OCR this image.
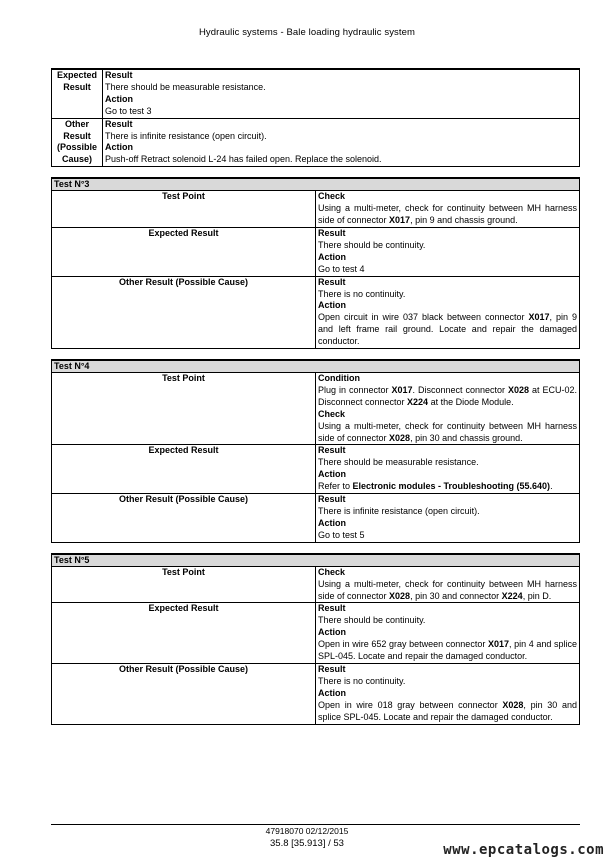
Hydraulic systems - Bale loading hydraulic system
Expected Result	Result
There should be measurable resistance.
Action
Go to test 3

Other Result (Possible Cause)	Result
There is infinite resistance (open circuit).
Action
Push-off Retract solenoid L-24 has failed open. Replace the solenoid.
Test N°3	
Test Point	Check
Using a multi-meter, check for continuity between MH harness side of connector X017, pin 9 and chassis ground.

Expected Result	Result
There should be continuity.
Action
Go to test 4

Other Result (Possible Cause)	Result
There is no continuity.
Action
Open circuit in wire 037 black between connector X017, pin 9 and left frame rail ground. Locate and repair the damaged conductor.
Test N°4	
Test Point	Condition
Plug in connector X017. Disconnect connector X028 at ECU-02. Disconnect connector X224 at the Diode Module.
Check
Using a multi-meter, check for continuity between MH harness side of connector X028, pin 30 and chassis ground.

Expected Result	Result
There should be measurable resistance.
Action
Refer to Electronic modules - Troubleshooting (55.640).

Other Result (Possible Cause)	Result
There is infinite resistance (open circuit).
Action
Go to test 5
Test N°5	
Test Point	Check
Using a multi-meter, check for continuity between MH harness side of connector X028, pin 30 and connector X224, pin D.

Expected Result	Result
There should be continuity.
Action
Open in wire 652 gray between connector X017, pin 4 and splice SPL-045. Locate and repair the damaged conductor.

Other Result (Possible Cause)	Result
There is no continuity.
Action
Open in wire 018 gray between connector X028, pin 30 and splice SPL-045. Locate and repair the damaged conductor.
47918070 02/12/2015
35.8 [35.913] / 53	www.epcatalogs.com
